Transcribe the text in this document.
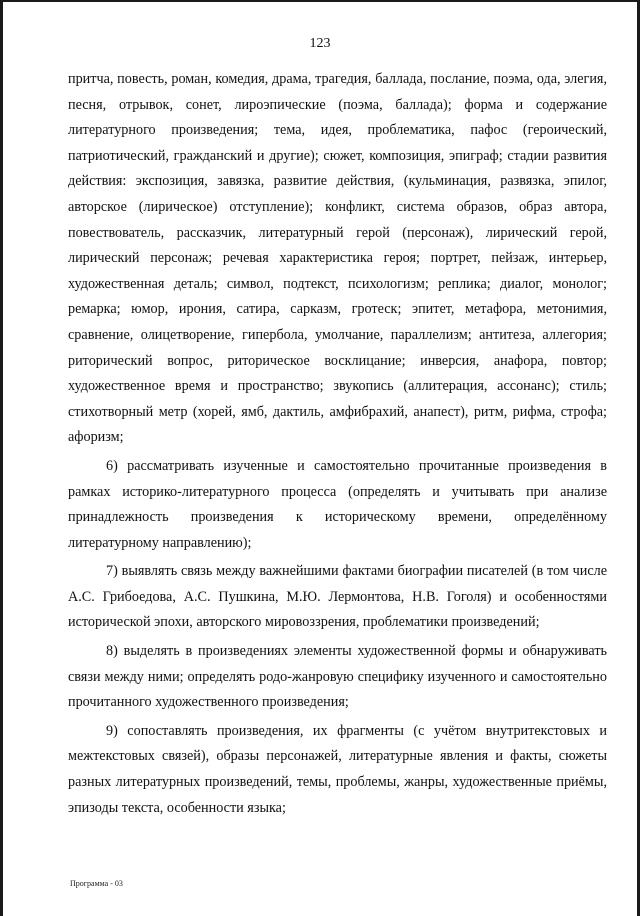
123

притча, повесть, роман, комедия, драма, трагедия, баллада, послание, поэма, ода, элегия, песня, отрывок, сонет, лироэпические (поэма, баллада); форма и содержание литературного произведения; тема, идея, проблематика, пафос (героический, патриотический, гражданский и другие); сюжет, композиция, эпиграф; стадии развития действия: экспозиция, завязка, развитие действия, (кульминация, развязка, эпилог, авторское (лирическое) отступление); конфликт, система образов, образ автора, повествователь, рассказчик, литературный герой (персонаж), лирический герой, лирический персонаж; речевая характеристика героя; портрет, пейзаж, интерьер, художественная деталь; символ, подтекст, психологизм; реплика; диалог, монолог; ремарка; юмор, ирония, сатира, сарказм, гротеск; эпитет, метафора, метонимия, сравнение, олицетворение, гипербола, умолчание, параллелизм; антитеза, аллегория; риторический вопрос, риторическое восклицание; инверсия, анафора, повтор; художественное время и пространство; звукопись (аллитерация, ассонанс); стиль; стихотворный метр (хорей, ямб, дактиль, амфибрахий, анапест), ритм, рифма, строфа; афоризм;

6) рассматривать изученные и самостоятельно прочитанные произведения в рамках историко-литературного процесса (определять и учитывать при анализе принадлежность произведения к историческому времени, определённому литературному направлению);

7) выявлять связь между важнейшими фактами биографии писателей (в том числе А.С. Грибоедова, А.С. Пушкина, М.Ю. Лермонтова, Н.В. Гоголя) и особенностями исторической эпохи, авторского мировоззрения, проблематики произведений;

8) выделять в произведениях элементы художественной формы и обнаруживать связи между ними; определять родо-жанровую специфику изученного и самостоятельно прочитанного художественного произведения;

9) сопоставлять произведения, их фрагменты (с учётом внутритекстовых и межтекстовых связей), образы персонажей, литературные явления и факты, сюжеты разных литературных произведений, темы, проблемы, жанры, художественные приёмы, эпизоды текста, особенности языка;

Программа - 03
